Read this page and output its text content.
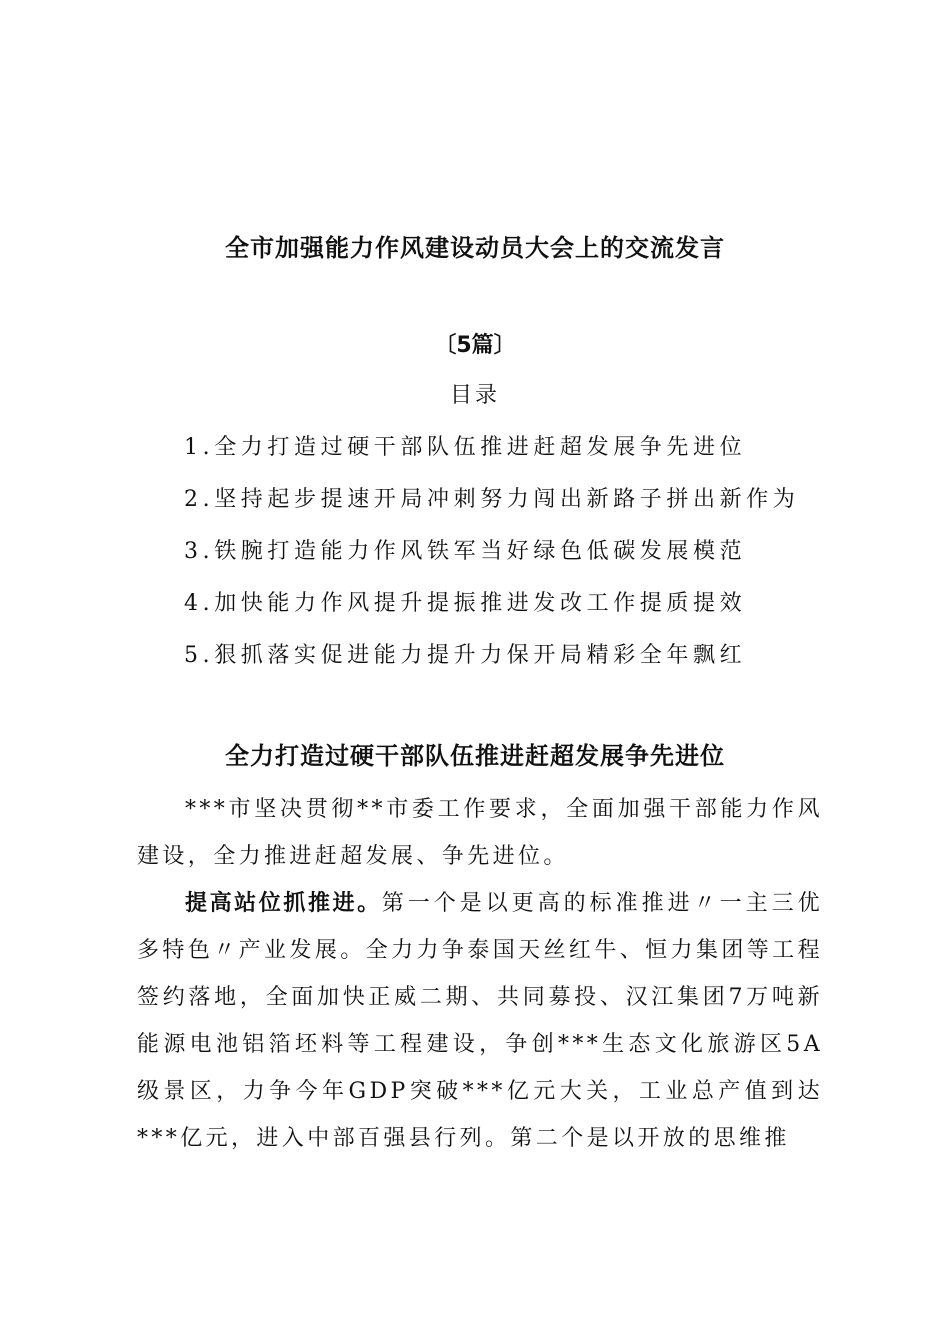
全市加强能力作风建设动员大会上的交流发言
〔5篇〕
目录
1.全力打造过硬干部队伍推进赶超发展争先进位
2.坚持起步提速开局冲刺努力闯出新路子拼出新作为
3.铁腕打造能力作风铁军当好绿色低碳发展模范
4.加快能力作风提升提振推进发改工作提质提效
5.狠抓落实促进能力提升力保开局精彩全年飘红
全力打造过硬干部队伍推进赶超发展争先进位

***市坚决贯彻**市委工作要求，全面加强干部能力作风建设，全力推进赶超发展、争先进位。

提高站位抓推进。第一个是以更高的标准推进〃一主三优多特色〃产业发展。全力力争泰国天丝红牛、恒力集团等工程签约落地，全面加快正威二期、共同募投、汉江集团7万吨新能源电池铝箔坯料等工程建设，争创***生态文化旅游区5A级景区，力争今年GDP突破***亿元大关，工业总产值到达***亿元，进入中部百强县行列。第二个是以开放的思维推
